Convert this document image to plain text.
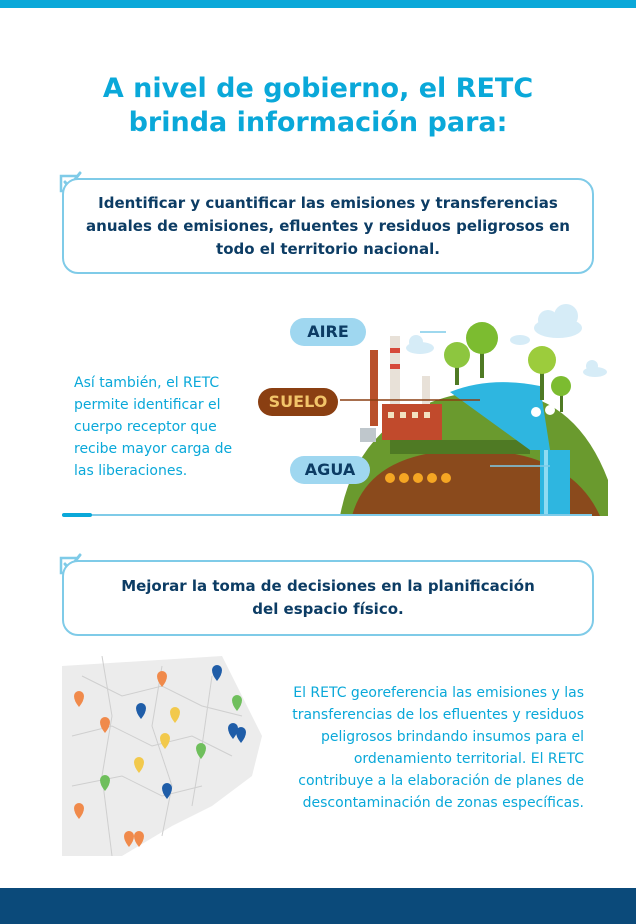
A nivel de gobierno, el RETC
brinda información para:
Identificar y cuantificar las emisiones y transferencias
anuales de emisiones, efluentes y residuos peligrosos en
todo el territorio nacional.
Así también, el RETC
permite identificar el
cuerpo receptor que
recibe mayor carga de
las liberaciones.
AIRE
SUELO
AGUA
Mejorar la toma de decisiones en la planificación
del espacio físico.
El RETC georeferencia las emisiones y las
transferencias de los efluentes y residuos
peligrosos brindando insumos para el
ordenamiento territorial. El RETC
contribuye a la elaboración de planes de
descontaminación de zonas específicas.
